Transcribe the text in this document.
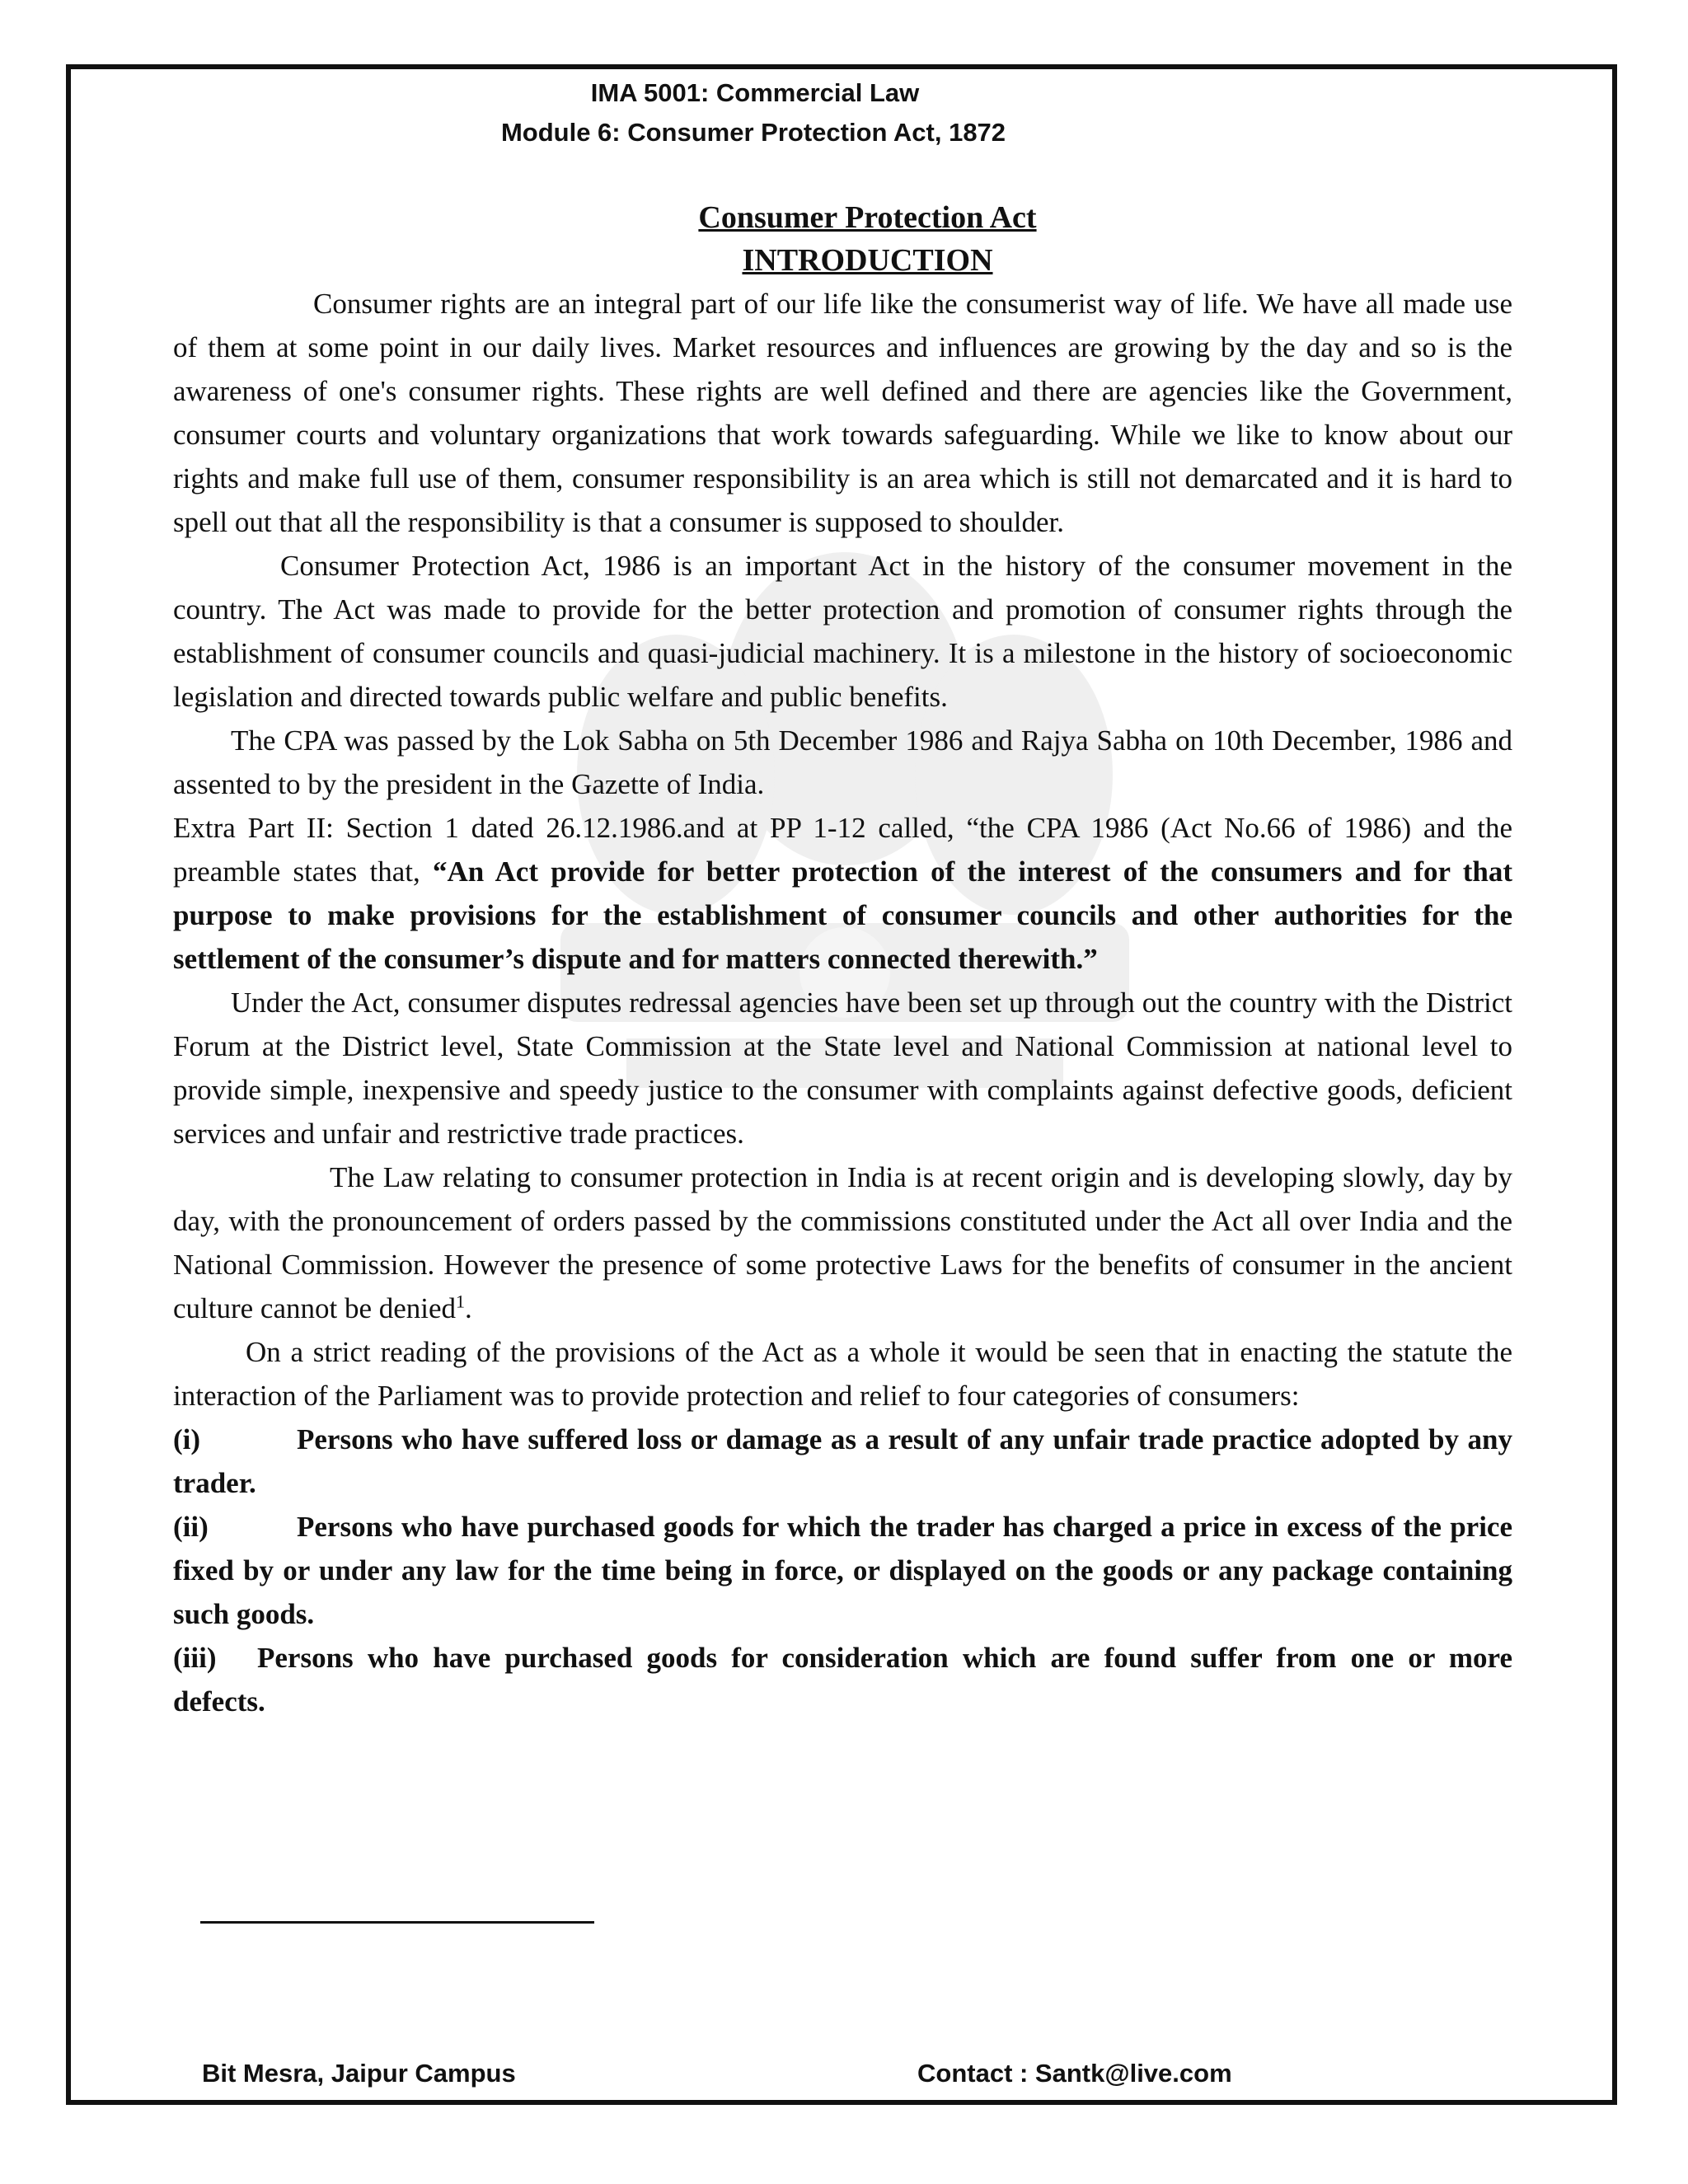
IMA 5001: Commercial Law
Module 6: Consumer Protection Act, 1872
Consumer Protection Act
INTRODUCTION

Consumer rights are an integral part of our life like the consumerist way of life. We have all made use of them at some point in our daily lives. Market resources and influences are growing by the day and so is the awareness of one's consumer rights. These rights are well defined and there are agencies like the Government, consumer courts and voluntary organizations that work towards safeguarding. While we like to know about our rights and make full use of them, consumer responsibility is an area which is still not demarcated and it is hard to spell out that all the responsibility is that a consumer is supposed to shoulder.

Consumer Protection Act, 1986 is an important Act in the history of the consumer movement in the country. The Act was made to provide for the better protection and promotion of consumer rights through the establishment of consumer councils and quasi-judicial machinery. It is a milestone in the history of socioeconomic legislation and directed towards public welfare and public benefits.

The CPA was passed by the Lok Sabha on 5th December 1986 and Rajya Sabha on 10th December, 1986 and assented to by the president in the Gazette of India.

Extra Part II: Section 1 dated 26.12.1986.and at PP 1-12 called, “the CPA 1986 (Act No.66 of 1986) and the preamble states that, “An Act provide for better protection of the interest of the consumers and for that purpose to make provisions for the establishment of consumer councils and other authorities for the settlement of the consumer’s dispute and for matters connected therewith.”

Under the Act, consumer disputes redressal agencies have been set up through out the country with the District Forum at the District level, State Commission at the State level and National Commission at national level to provide simple, inexpensive and speedy justice to the consumer with complaints against defective goods, deficient services and unfair and restrictive trade practices.

The Law relating to consumer protection in India is at recent origin and is developing slowly, day by day, with the pronouncement of orders passed by the commissions constituted under the Act all over India and the National Commission. However the presence of some protective Laws for the benefits of consumer in the ancient culture cannot be denied$^1$.

On a strict reading of the provisions of the Act as a whole it would be seen that in enacting the statute the interaction of the Parliament was to provide protection and relief to four categories of consumers:

(i)	Persons who have suffered loss or damage as a result of any unfair trade practice adopted by any trader.

(ii)	Persons who have purchased goods for which the trader has charged a price in excess of the price fixed by or under any law for the time being in force, or displayed on the goods or any package containing such goods.

(iii) Persons who have purchased goods for consideration which are found suffer from one or more defects.

Bit Mesra, Jaipur Campus	Contact : Santk@live.com
